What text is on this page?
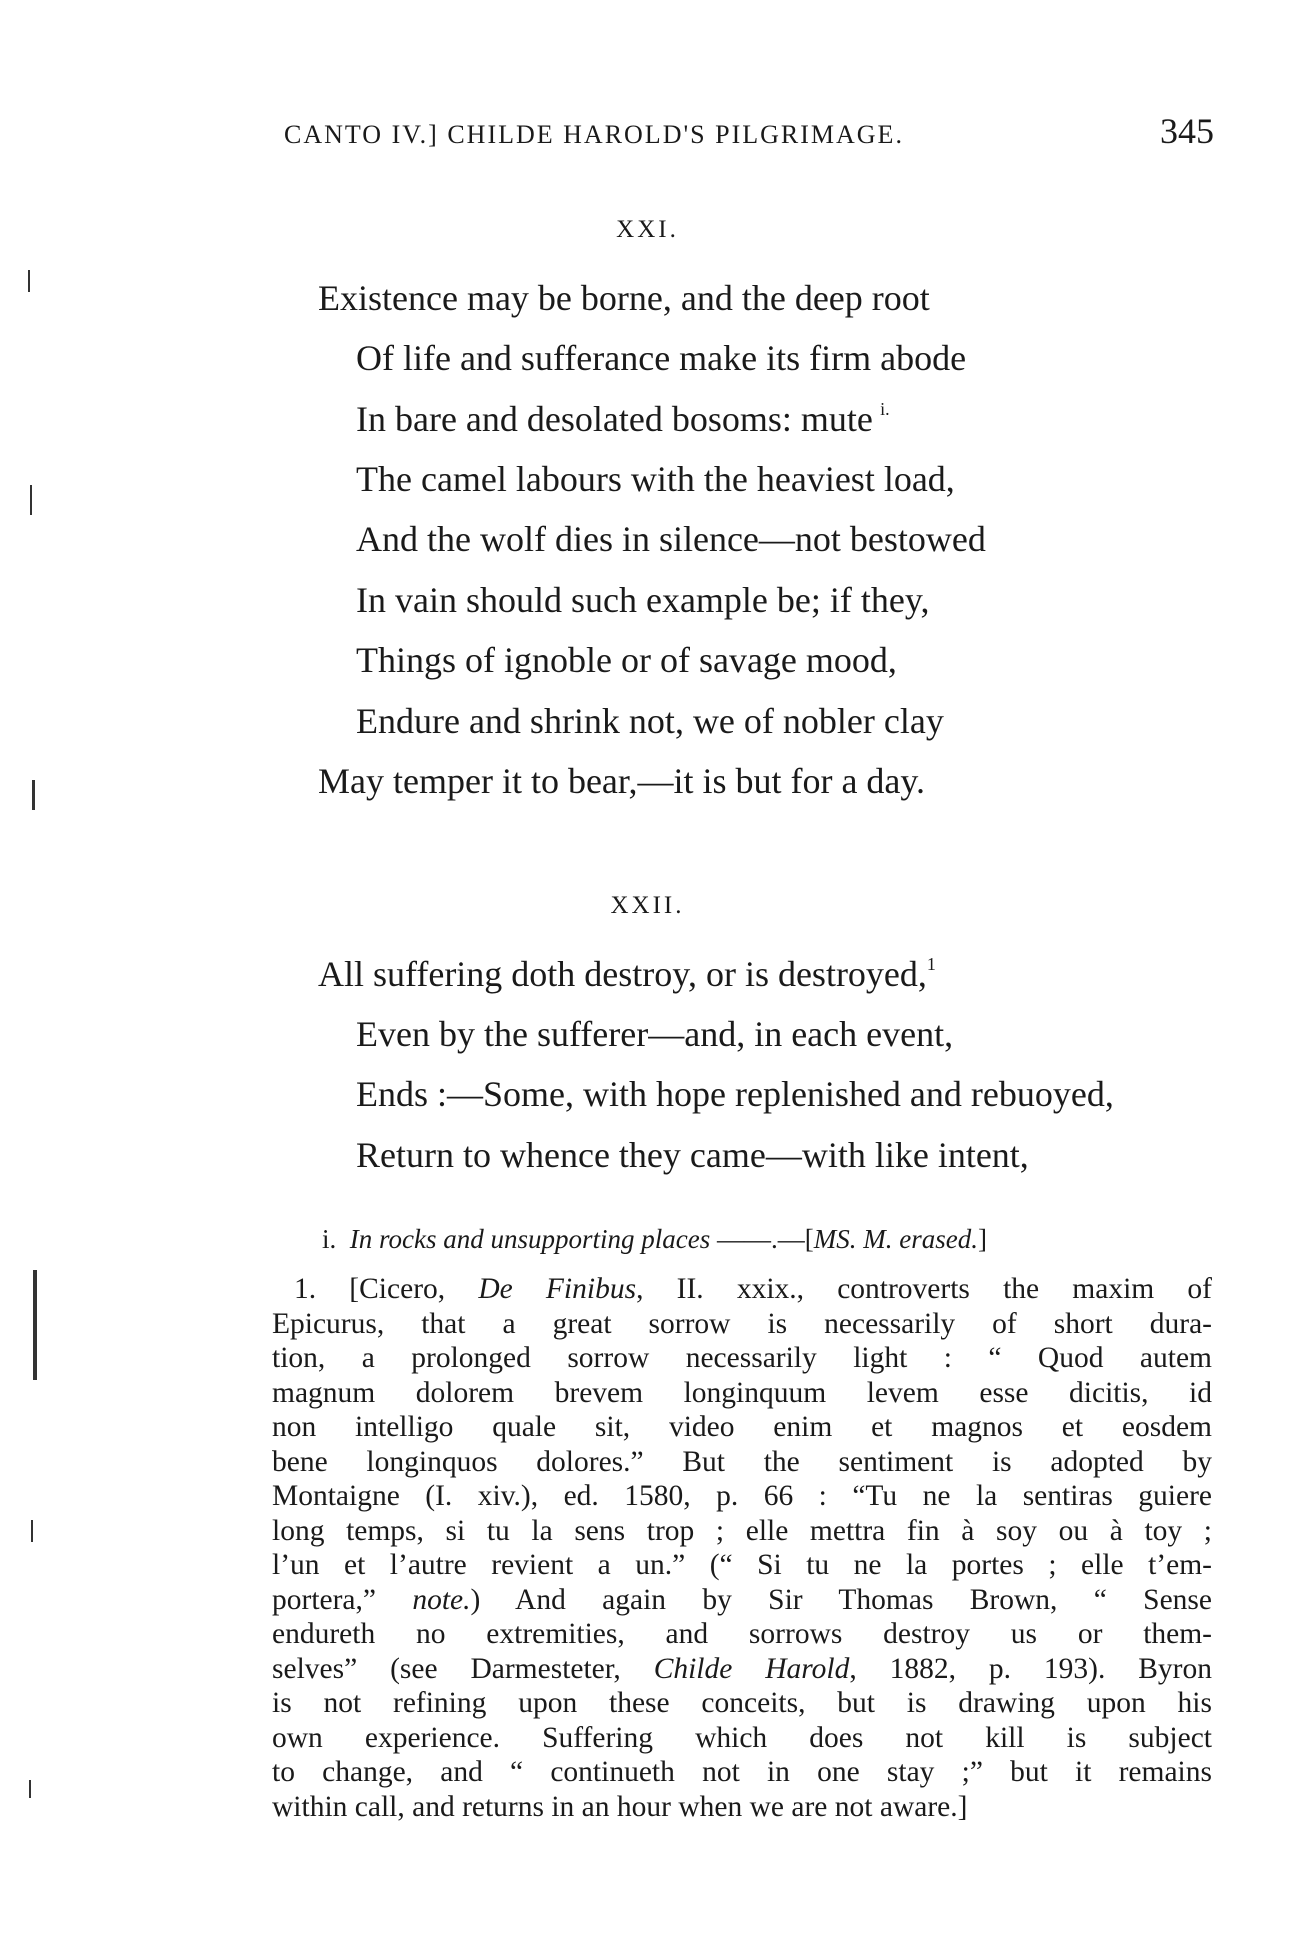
CANTO IV.] CHILDE HAROLD'S PILGRIMAGE.	345
XXI.
Existence may be borne, and the deep root
Of life and sufferance make its firm abode
In bare and desolated bosoms: mute  $^{i.}$
The camel labours with the heaviest load,
And the wolf dies in silence—not bestowed
In vain should such example be; if they,
Things of ignoble or of savage mood,
Endure and shrink not, we of nobler clay
May temper it to bear,—it is but for a day.
XXII.
All suffering doth destroy, or is destroyed,$^1$
Even by the sufferer—and, in each event,
Ends :—Some, with hope replenished and rebuoyed,
Return to whence they came—with like intent,
i. In rocks and unsupporting places ——.—[MS. M. erased.]
1. [Cicero, De Finibus, II. xxix., controverts the maxim of
Epicurus, that a great sorrow is necessarily of short dura-
tion, a prolonged sorrow necessarily light : “ Quod autem
magnum dolorem brevem longinquum levem esse dicitis, id
non intelligo quale sit, video enim et magnos et eosdem
bene longinquos dolores.” But the sentiment is adopted by
Montaigne (I. xiv.), ed. 1580, p. 66 : “Tu ne la sentiras guiere
long temps, si tu la sens trop ; elle mettra fin à soy ou à toy ;
l’un et l’autre revient a un.” (“ Si tu ne la portes ; elle t’em-
portera,” note.) And again by Sir Thomas Brown, “ Sense
endureth no extremities, and sorrows destroy us or them-
selves” (see Darmesteter, Childe Harold, 1882, p. 193). Byron
is not refining upon these conceits, but is drawing upon his
own experience. Suffering which does not kill is subject
to change, and “ continueth not in one stay ;” but it remains
within call, and returns in an hour when we are not aware.]
